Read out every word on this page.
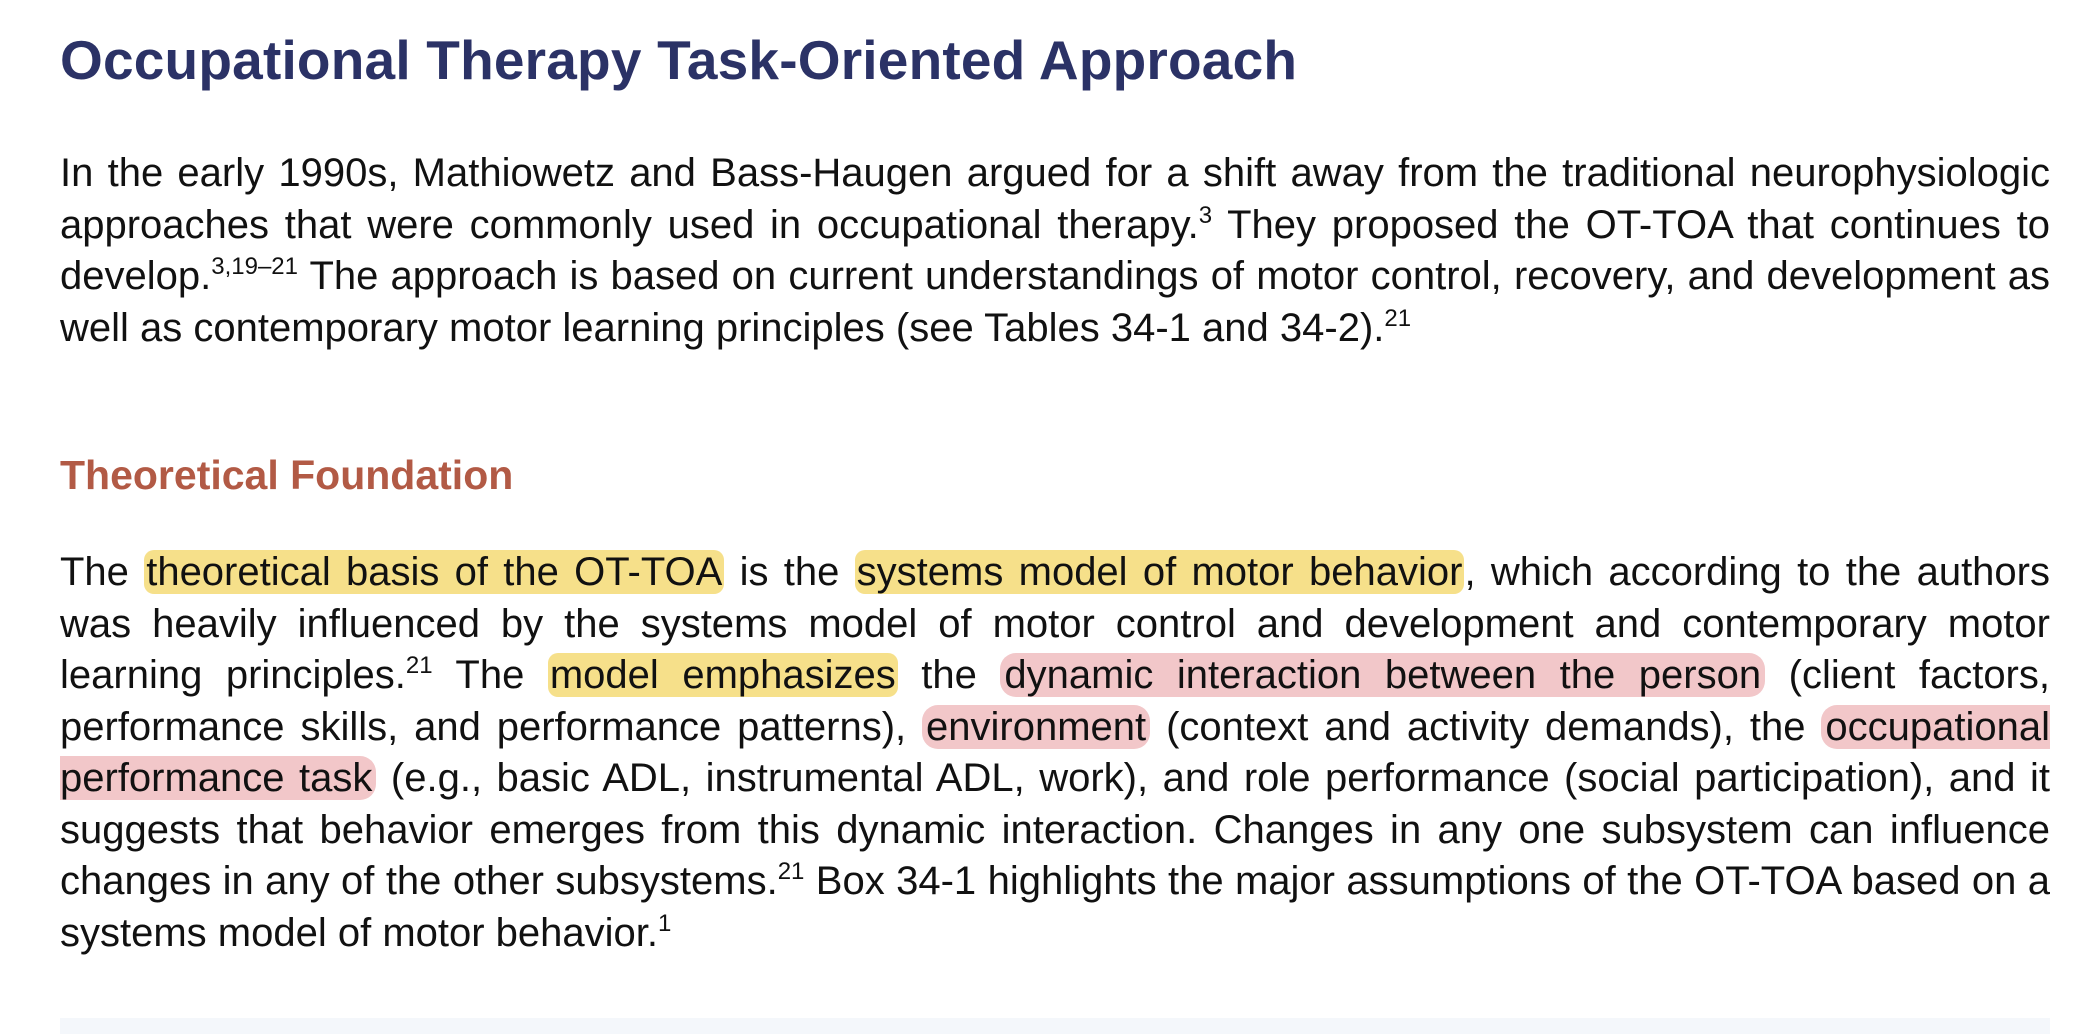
Occupational Therapy Task-Oriented Approach

In the early 1990s, Mathiowetz and Bass-Haugen argued for a shift away from the traditional neurophysiologic approaches that were commonly used in occupational therapy.$^3$ They proposed the OT-TOA that continues to develop.$^{3,19-21}$ The approach is based on current understandings of motor control, recovery, and development as well as contemporary motor learning principles (see Tables 34-1 and 34-2).$^{21}$

Theoretical Foundation

The theoretical basis of the OT-TOA is the systems model of motor behavior, which according to the authors was heavily influenced by the systems model of motor control and development and contemporary motor learning principles.$^{21}$ The model emphasizes the dynamic interaction between the person (client factors, performance skills, and performance patterns), environment (context and activity demands), the occupational performance task (e.g., basic ADL, instrumental ADL, work), and role performance (social participation), and it suggests that behavior emerges from this dynamic interaction. Changes in any one subsystem can influence changes in any of the other subsystems.$^{21}$ Box 34-1 highlights the major assumptions of the OT-TOA based on a systems model of motor behavior.$^1$
